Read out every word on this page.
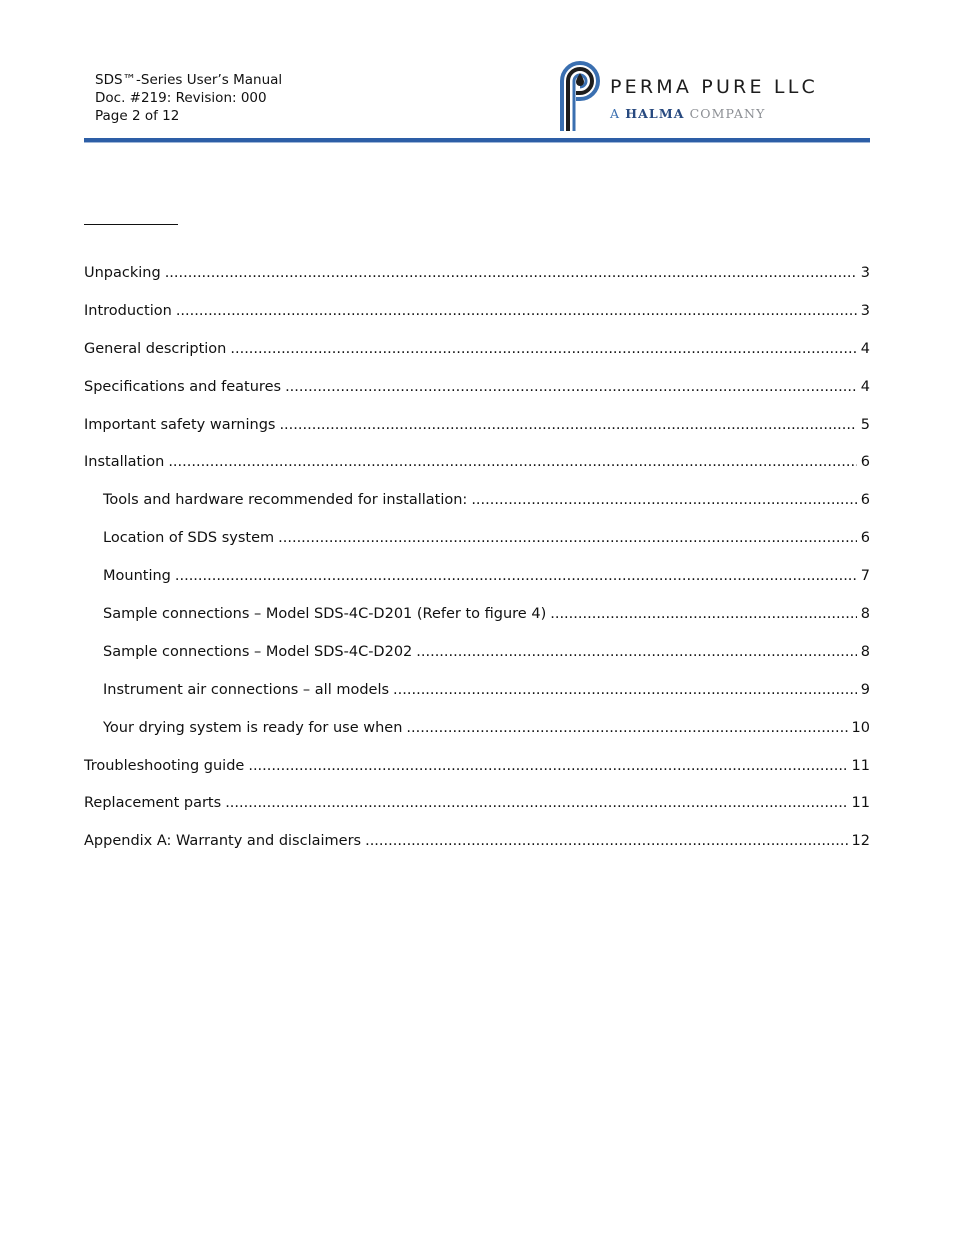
SDS™-Series User’s Manual
Doc. #219: Revision: 000
Page 2 of 12
PERMA PURE LLC
A HALMA COMPANY
Unpacking .....	3
Introduction .....	3
General description .....	4
Specifications and features .....	4
Important safety warnings .....	5
Installation .....	6
Tools and hardware recommended for installation: .....	6
Location of SDS system .....	6
Mounting .....	7
Sample connections – Model SDS-4C-D201 (Refer to figure 4) .....	8
Sample connections – Model SDS-4C-D202 .....	8
Instrument air connections – all models .....	9
Your drying system is ready for use when .....	10
Troubleshooting guide .....	11
Replacement parts .....	11
Appendix A: Warranty and disclaimers .....	12
